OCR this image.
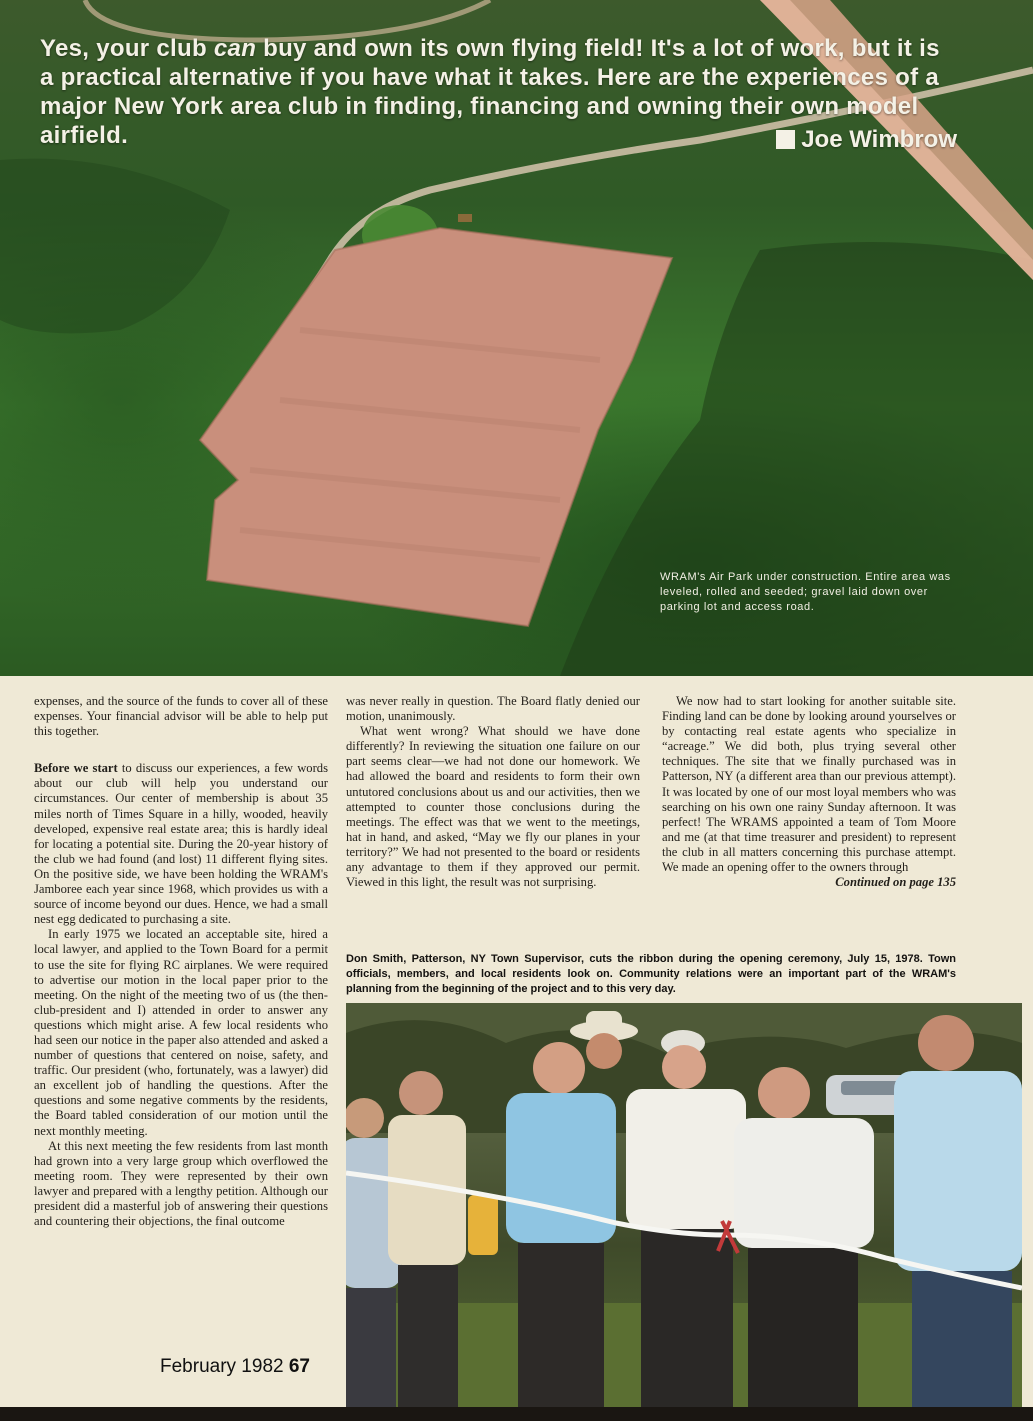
Yes, your club can buy and own its own flying field! It's a lot of work, but it is a practical alternative if you have what it takes. Here are the experiences of a major New York area club in finding, financing and owning their own model airfield.	Joe Wimbrow
WRAM's Air Park under construction. Entire area was leveled, rolled and seeded; gravel laid down over parking lot and access road.

expenses, and the source of the funds to cover all of these expenses. Your financial advisor will be able to help put this together.

Before we start to discuss our experiences, a few words about our club will help you understand our circumstances. Our center of membership is about 35 miles north of Times Square in a hilly, wooded, heavily developed, expensive real estate area; this is hardly ideal for locating a potential site. During the 20-year history of the club we had found (and lost) 11 different flying sites. On the positive side, we have been holding the WRAM's Jamboree each year since 1968, which provides us with a source of income beyond our dues. Hence, we had a small nest egg dedicated to purchasing a site.

In early 1975 we located an acceptable site, hired a local lawyer, and applied to the Town Board for a permit to use the site for flying RC airplanes. We were required to advertise our motion in the local paper prior to the meeting. On the night of the meeting two of us (the then-club-president and I) attended in order to answer any questions which might arise. A few local residents who had seen our notice in the paper also attended and asked a number of questions that centered on noise, safety, and traffic. Our president (who, fortunately, was a lawyer) did an excellent job of handling the questions. After the questions and some negative comments by the residents, the Board tabled consideration of our motion until the next monthly meeting.

At this next meeting the few residents from last month had grown into a very large group which overflowed the meeting room. They were represented by their own lawyer and prepared with a lengthy petition. Although our president did a masterful job of answering their questions and countering their objections, the final outcome

was never really in question. The Board flatly denied our motion, unanimously.

What went wrong? What should we have done differently? In reviewing the situation one failure on our part seems clear—we had not done our homework. We had allowed the board and residents to form their own untutored conclusions about us and our activities, then we attempted to counter those conclusions during the meetings. The effect was that we went to the meetings, hat in hand, and asked, “May we fly our planes in your territory?” We had not presented to the board or residents any advantage to them if they approved our permit. Viewed in this light, the result was not surprising.

We now had to start looking for another suitable site. Finding land can be done by looking around yourselves or by contacting real estate agents who specialize in “acreage.” We did both, plus trying several other techniques. The site that we finally purchased was in Patterson, NY (a different area than our previous attempt). It was located by one of our most loyal members who was searching on his own one rainy Sunday afternoon. It was perfect! The WRAMS appointed a team of Tom Moore and me (at that time treasurer and president) to represent the club in all matters concerning this purchase attempt. We made an opening offer to the owners through

Continued on page 135
Don Smith, Patterson, NY Town Supervisor, cuts the ribbon during the opening ceremony, July 15, 1978. Town officials, members, and local residents look on. Community relations were an important part of the WRAM's planning from the beginning of the project and to this very day.
February 1982 67
